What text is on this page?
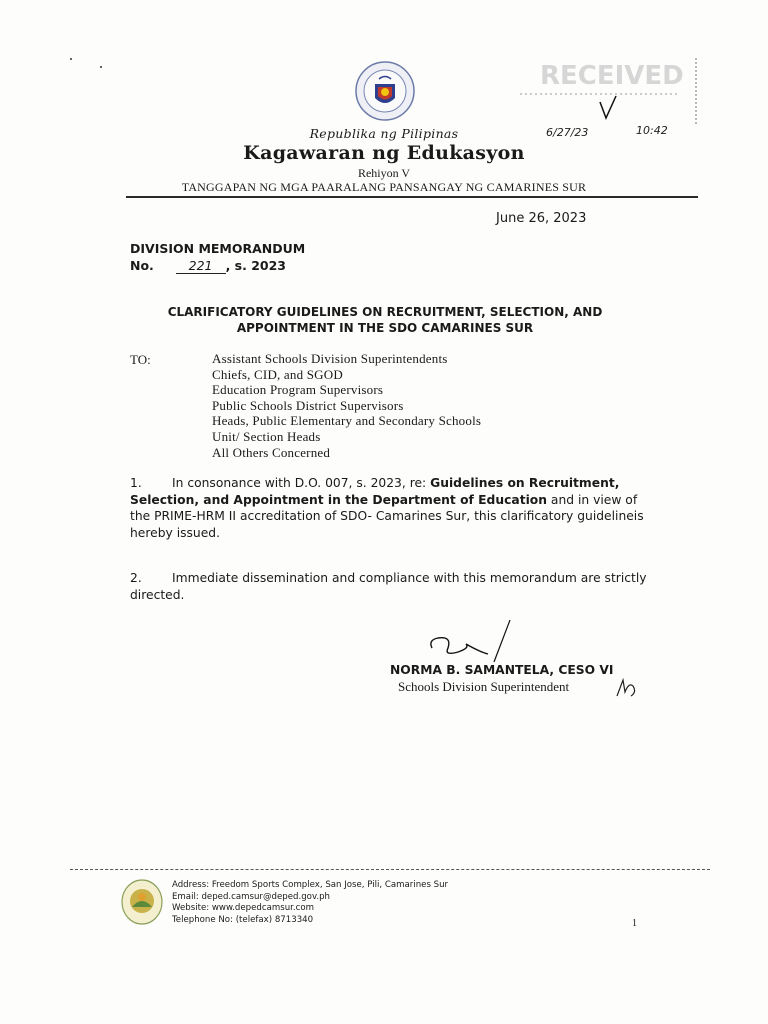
Republika ng Pilipinas
Kagawaran ng Edukasyon
Rehiyon V
TANGGAPAN NG MGA PAARALANG PANSANGAY NG CAMARINES SUR
RECEIVED
6/27/23	10:42
June 26, 2023
DIVISION MEMORANDUM
No.	221 , s. 2023
CLARIFICATORY GUIDELINES ON RECRUITMENT, SELECTION, AND
APPOINTMENT IN THE SDO CAMARINES SUR
TO:	Assistant Schools Division Superintendents
Chiefs, CID, and SGOD
Education Program Supervisors
Public Schools District Supervisors
Heads, Public Elementary and Secondary Schools
Unit/ Section Heads
All Others Concerned
1. In consonance with D.O. 007, s. 2023, re: Guidelines on Recruitment, Selection, and Appointment in the Department of Education and in view of the PRIME-HRM II accreditation of SDO- Camarines Sur, this clarificatory guidelineis hereby issued.
2. Immediate dissemination and compliance with this memorandum are strictly directed.
NORMA B. SAMANTELA, CESO VI
Schools Division Superintendent
Address: Freedom Sports Complex, San Jose, Pili, Camarines Sur
Email: deped.camsur@deped.gov.ph
Website: www.depedcamsur.com
Telephone No: (telefax) 8713340	1
